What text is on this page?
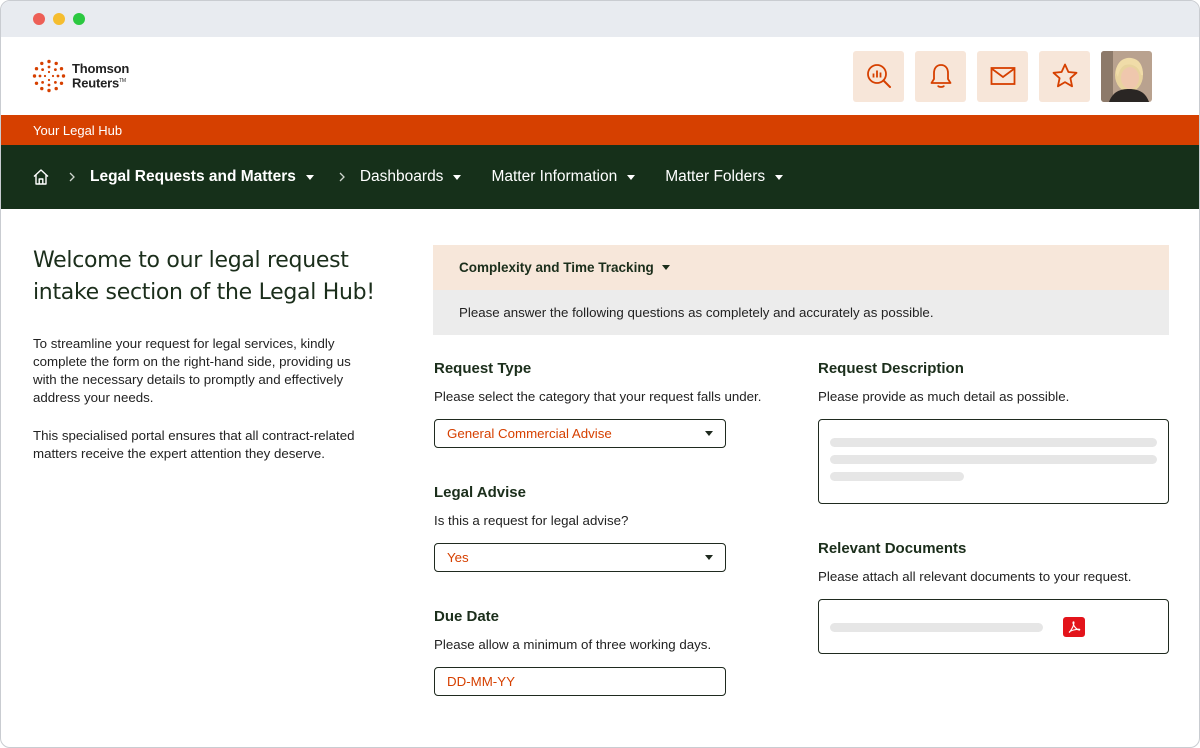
Thomson
Reuters™
Your Legal Hub
Legal Requests and Matters	Dashboards	Matter Information	Matter Folders
Welcome to our legal request intake section of the Legal Hub!

To streamline your request for legal services, kindly complete the form on the right-hand side, providing us with the necessary details to promptly and effectively address your needs.

This specialised portal ensures that all contract-related matters receive the expert attention they deserve.

Complexity and Time Tracking
Please answer the following questions as completely and accurately as possible.
Request Type
Please select the category that your request falls under.
General Commercial Advise
Legal Advise
Is this a request for legal advise?
Yes
Due Date
Please allow a minimum of three working days.
DD-MM-YY
Request Description
Please provide as much detail as possible.
Relevant Documents
Please attach all relevant documents to your request.
